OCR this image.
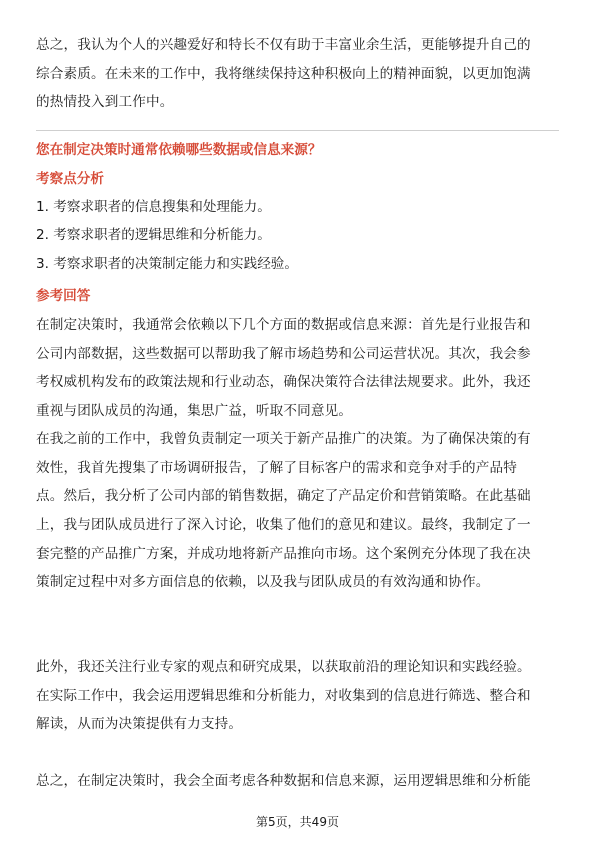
总之，我认为个人的兴趣爱好和特长不仅有助于丰富业余生活，更能够提升自己的
综合素质。在未来的工作中，我将继续保持这种积极向上的精神面貌，以更加饱满
的热情投入到工作中。
您在制定决策时通常依赖哪些数据或信息来源？
考察点分析
1. 考察求职者的信息搜集和处理能力。
2. 考察求职者的逻辑思维和分析能力。
3. 考察求职者的决策制定能力和实践经验。
参考回答
在制定决策时，我通常会依赖以下几个方面的数据或信息来源：首先是行业报告和
公司内部数据，这些数据可以帮助我了解市场趋势和公司运营状况。其次，我会参
考权威机构发布的政策法规和行业动态，确保决策符合法律法规要求。此外，我还
重视与团队成员的沟通，集思广益，听取不同意见。
在我之前的工作中，我曾负责制定一项关于新产品推广的决策。为了确保决策的有
效性，我首先搜集了市场调研报告，了解了目标客户的需求和竞争对手的产品特
点。然后，我分析了公司内部的销售数据，确定了产品定价和营销策略。在此基础
上，我与团队成员进行了深入讨论，收集了他们的意见和建议。最终，我制定了一
套完整的产品推广方案，并成功地将新产品推向市场。这个案例充分体现了我在决
策制定过程中对多方面信息的依赖，以及我与团队成员的有效沟通和协作。
此外，我还关注行业专家的观点和研究成果，以获取前沿的理论知识和实践经验。
在实际工作中，我会运用逻辑思维和分析能力，对收集到的信息进行筛选、整合和
解读，从而为决策提供有力支持。
总之，在制定决策时，我会全面考虑各种数据和信息来源，运用逻辑思维和分析能
第5页，共49页
